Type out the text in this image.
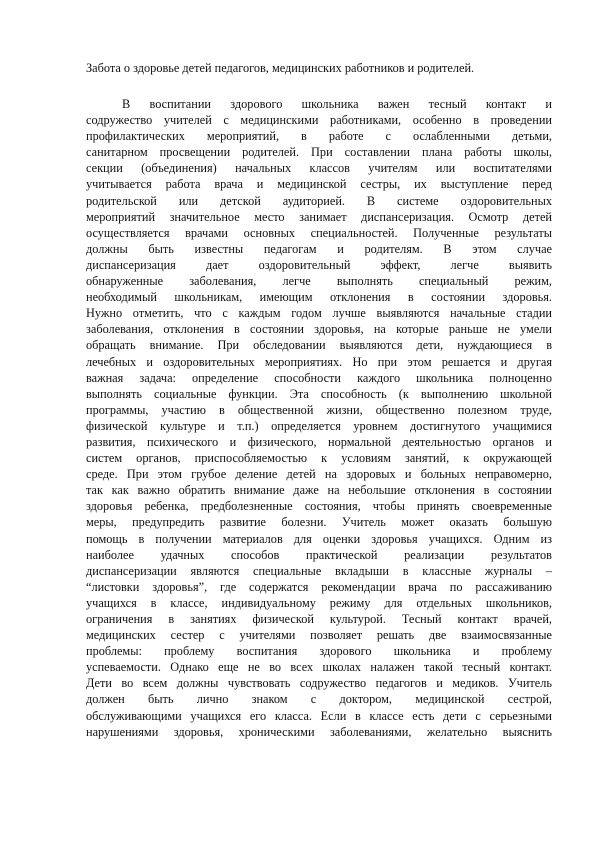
Забота о здоровье детей педагогов, медицинских работников и родителей.
В воспитании здорового школьника важен тесный контакт и
содружество учителей с медицинскими работниками, особенно в проведении
профилактических мероприятий, в работе с ослабленными детьми,
санитарном просвещении родителей. При составлении плана работы школы,
секции (объединения) начальных классов учителям или воспитателями
учитывается работа врача и медицинской сестры, их выступление перед
родительской или детской аудиторией. В системе оздоровительных
мероприятий значительное место занимает диспансеризация. Осмотр детей
осуществляется врачами основных специальностей. Полученные результаты
должны быть известны педагогам и родителям. В этом случае
диспансеризация дает оздоровительный эффект, легче выявить
обнаруженные заболевания, легче выполнять специальный режим,
необходимый школьникам, имеющим отклонения в состоянии здоровья.
Нужно отметить, что с каждым годом лучше выявляются начальные стадии
заболевания, отклонения в состоянии здоровья, на которые раньше не умели
обращать внимание. При обследовании выявляются дети, нуждающиеся в
лечебных и оздоровительных мероприятиях. Но при этом решается и другая
важная задача: определение способности каждого школьника полноценно
выполнять социальные функции. Эта способность (к выполнению школьной
программы, участию в общественной жизни, общественно полезном труде,
физической культуре и т.п.) определяется уровнем достигнутого учащимися
развития, психического и физического, нормальной деятельностью органов и
систем органов, приспособляемостью к условиям занятий, к окружающей
среде. При этом грубое деление детей на здоровых и больных неправомерно,
так как важно обратить внимание даже на небольшие отклонения в состоянии
здоровья ребенка, предболезненные состояния, чтобы принять своевременные
меры, предупредить развитие болезни. Учитель может оказать большую
помощь в получении материалов для оценки здоровья учащихся. Одним из
наиболее удачных способов практической реализации результатов
диспансеризации являются специальные вкладыши в классные журналы –
“листовки здоровья”, где содержатся рекомендации врача по рассаживанию
учащихся в классе, индивидуальному режиму для отдельных школьников,
ограничения в занятиях физической культурой. Тесный контакт врачей,
медицинских сестер с учителями позволяет решать две взаимосвязанные
проблемы: проблему воспитания здорового школьника и проблему
успеваемости. Однако еще не во всех школах налажен такой тесный контакт.
Дети во всем должны чувствовать содружество педагогов и медиков. Учитель
должен быть лично знаком с доктором, медицинской сестрой,
обслуживающими учащихся его класса. Если в классе есть дети с серьезными
нарушениями здоровья, хроническими заболеваниями, желательно выяснить
